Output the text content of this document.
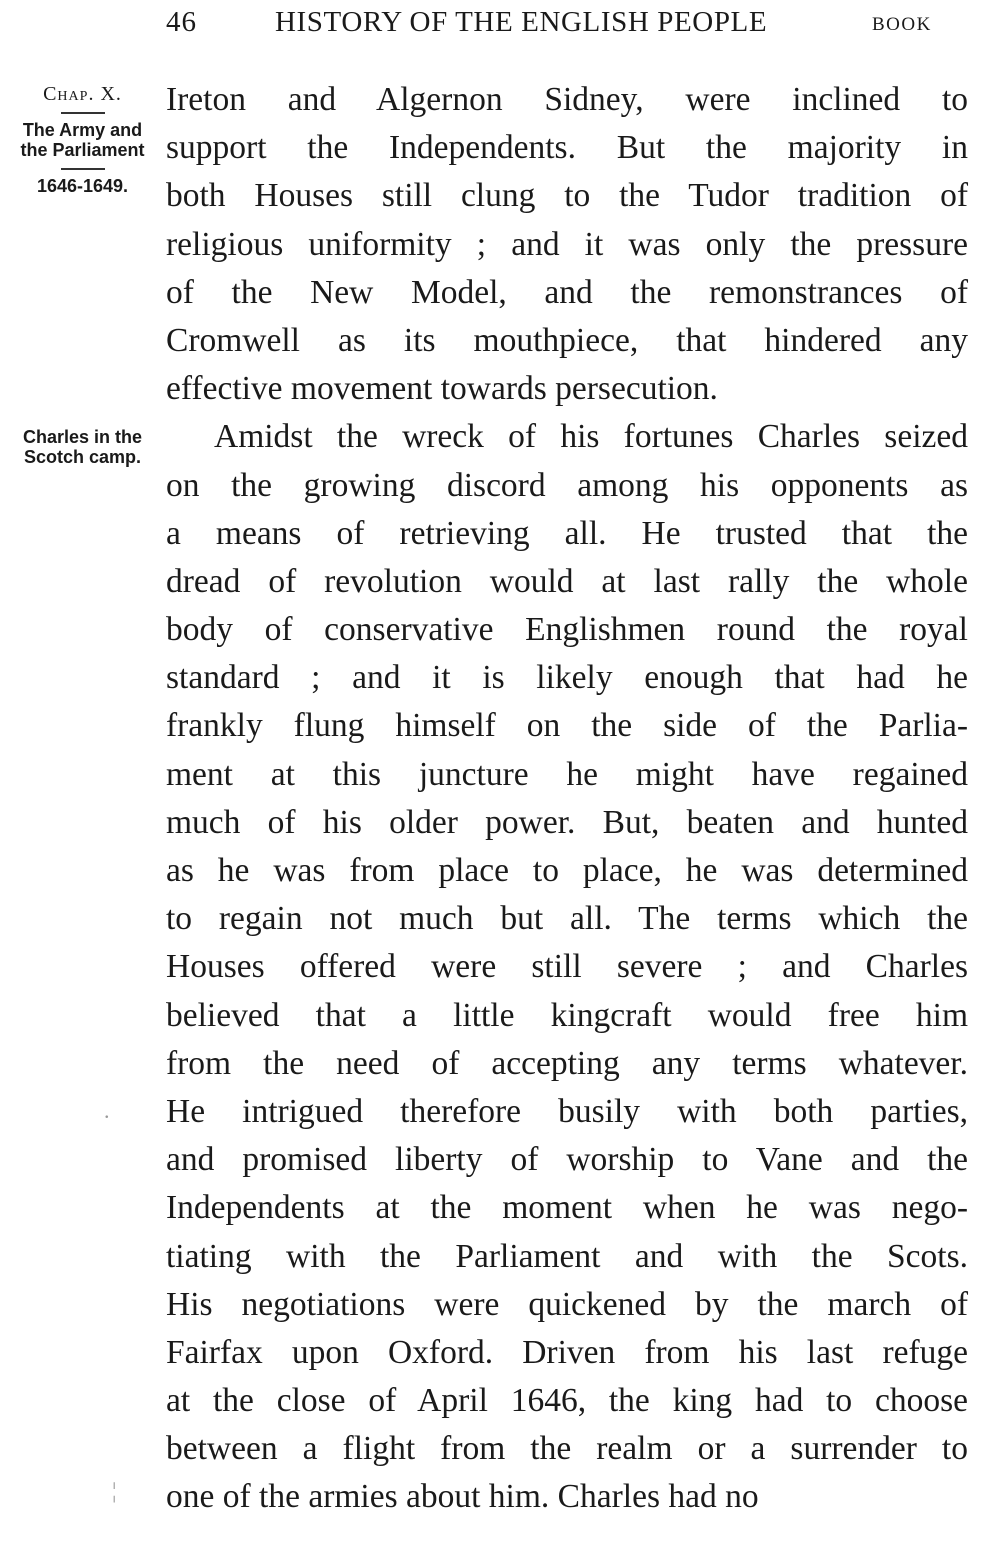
46	HISTORY OF THE ENGLISH PEOPLE	BOOK
Chap. X.
The Army and the Parliament
1646-1649.
Charles in the Scotch camp.
Ireton and Algernon Sidney, were inclined to
support the Independents. But the majority in
both Houses still clung to the Tudor tradition of
religious uniformity ; and it was only the pressure
of the New Model, and the remonstrances of
Cromwell as its mouthpiece, that hindered any
effective movement towards persecution.
Amidst the wreck of his fortunes Charles seized
on the growing discord among his opponents as
a means of retrieving all. He trusted that the
dread of revolution would at last rally the whole
body of conservative Englishmen round the royal
standard ; and it is likely enough that had he
frankly flung himself on the side of the Parlia-
ment at this juncture he might have regained
much of his older power. But, beaten and hunted
as he was from place to place, he was determined
to regain not much but all. The terms which the
Houses offered were still severe ; and Charles
believed that a little kingcraft would free him
from the need of accepting any terms whatever.
He intrigued therefore busily with both parties,
and promised liberty of worship to Vane and the
Independents at the moment when he was nego-
tiating with the Parliament and with the Scots.
His negotiations were quickened by the march of
Fairfax upon Oxford. Driven from his last refuge
at the close of April 1646, the king had to choose
between a flight from the realm or a surrender to
one of the armies about him. Charles had no
.
¦
